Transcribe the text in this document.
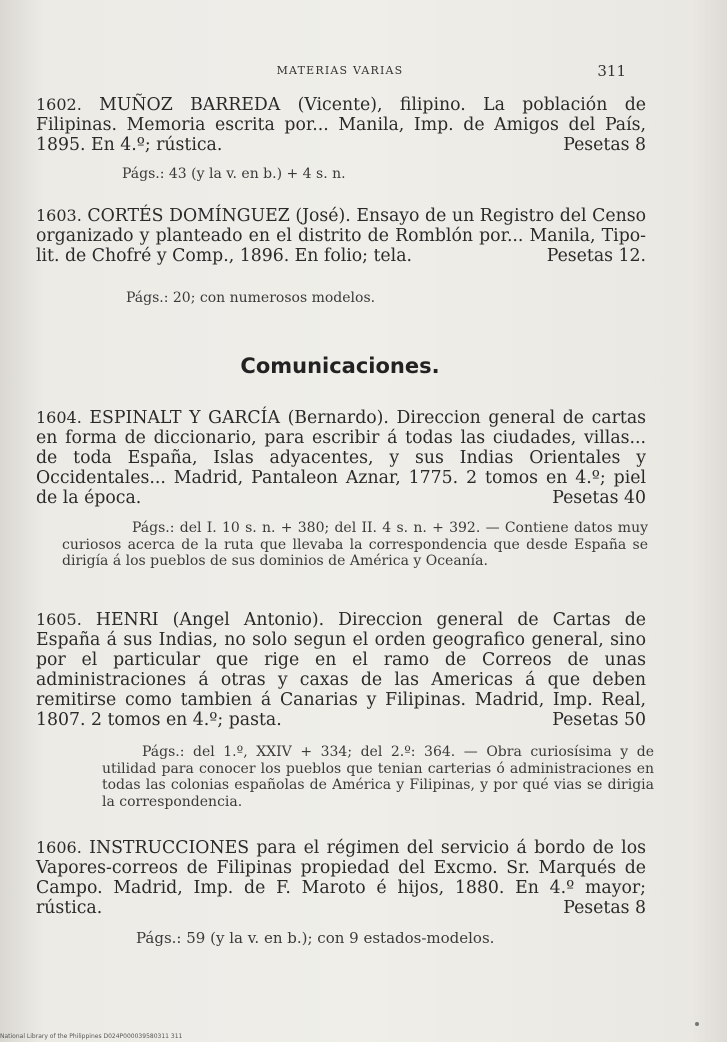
MATERIAS VARIAS	311

1602. MUÑOZ BARREDA (Vicente), filipino. La población de Filipinas. Memoria escrita por... Manila, Imp. de Amigos del País, 1895. En 4.º; rústica.	Pesetas 8

Págs.: 43 (y la v. en b.) + 4 s. n.

1603. CORTÉS DOMÍNGUEZ (José). Ensayo de un Registro del Censo organizado y planteado en el distrito de Romblón por... Manila, Tipo-lit. de Chofré y Comp., 1896. En folio; tela.	Pesetas 12.

Págs.: 20; con numerosos modelos.
Comunicaciones.

1604. ESPINALT Y GARCÍA (Bernardo). Direccion general de cartas en forma de diccionario, para escribir á todas las ciudades, villas... de toda España, Islas adyacentes, y sus Indias Orientales y Occidentales... Madrid, Pantaleon Aznar, 1775. 2 tomos en 4.º; piel de la época.	Pesetas 40

Págs.: del I. 10 s. n. + 380; del II. 4 s. n. + 392. — Contiene datos muy curiosos acerca de la ruta que llevaba la correspondencia que desde España se dirigía á los pueblos de sus dominios de América y Oceanía.

1605. HENRI (Angel Antonio). Direccion general de Cartas de España á sus Indias, no solo segun el orden geografico general, sino por el particular que rige en el ramo de Correos de unas administraciones á otras y caxas de las Americas á que deben remitirse como tambien á Canarias y Filipinas. Madrid, Imp. Real, 1807. 2 tomos en 4.º; pasta.	Pesetas 50

Págs.: del 1.º, XXIV + 334; del 2.º: 364. — Obra curiosísima y de utilidad para conocer los pueblos que tenian carterias ó administraciones en todas las colonias españolas de América y Filipinas, y por qué vias se dirigia la correspondencia.

1606. INSTRUCCIONES para el régimen del servicio á bordo de los Vapores-correos de Filipinas propiedad del Excmo. Sr. Marqués de Campo. Madrid, Imp. de F. Maroto é hijos, 1880. En 4.º mayor; rústica.	Pesetas 8

Págs.: 59 (y la v. en b.); con 9 estados-modelos.
National Library of the Philippines D024P000039580311 311
